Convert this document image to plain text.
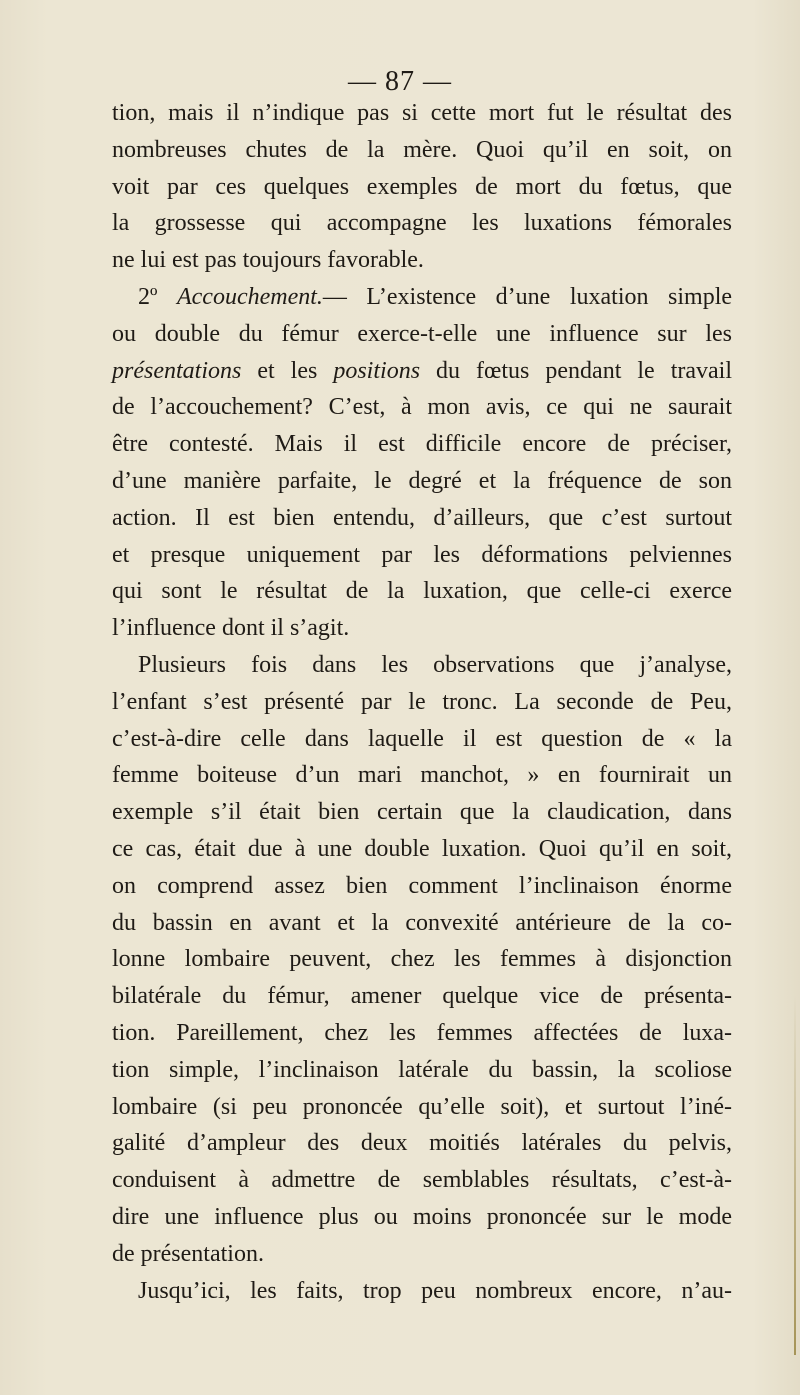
— 87 —
tion, mais il n’indique pas si cette mort fut le résultat des
nombreuses chutes de la mère. Quoi qu’il en soit, on
voit par ces quelques exemples de mort du fœtus, que
la grossesse qui accompagne les luxations fémorales
ne lui est pas toujours favorable.
2º Accouchement.— L’existence d’une luxation simple
ou double du fémur exerce-t-elle une influence sur les
présentations et les positions du fœtus pendant le travail
de l’accouchement? C’est, à mon avis, ce qui ne saurait
être contesté. Mais il est difficile encore de préciser,
d’une manière parfaite, le degré et la fréquence de son
action. Il est bien entendu, d’ailleurs, que c’est surtout
et presque uniquement par les déformations pelviennes
qui sont le résultat de la luxation, que celle-ci exerce
l’influence dont il s’agit.
Plusieurs fois dans les observations que j’analyse,
l’enfant s’est présenté par le tronc. La seconde de Peu,
c’est-à-dire celle dans laquelle il est question de « la
femme boiteuse d’un mari manchot, » en fournirait un
exemple s’il était bien certain que la claudication, dans
ce cas, était due à une double luxation. Quoi qu’il en soit,
on comprend assez bien comment l’inclinaison énorme
du bassin en avant et la convexité antérieure de la co-
lonne lombaire peuvent, chez les femmes à disjonction
bilatérale du fémur, amener quelque vice de présenta-
tion. Pareillement, chez les femmes affectées de luxa-
tion simple, l’inclinaison latérale du bassin, la scoliose
lombaire (si peu prononcée qu’elle soit), et surtout l’iné-
galité d’ampleur des deux moitiés latérales du pelvis,
conduisent à admettre de semblables résultats, c’est-à-
dire une influence plus ou moins prononcée sur le mode
de présentation.
Jusqu’ici, les faits, trop peu nombreux encore, n’au-
